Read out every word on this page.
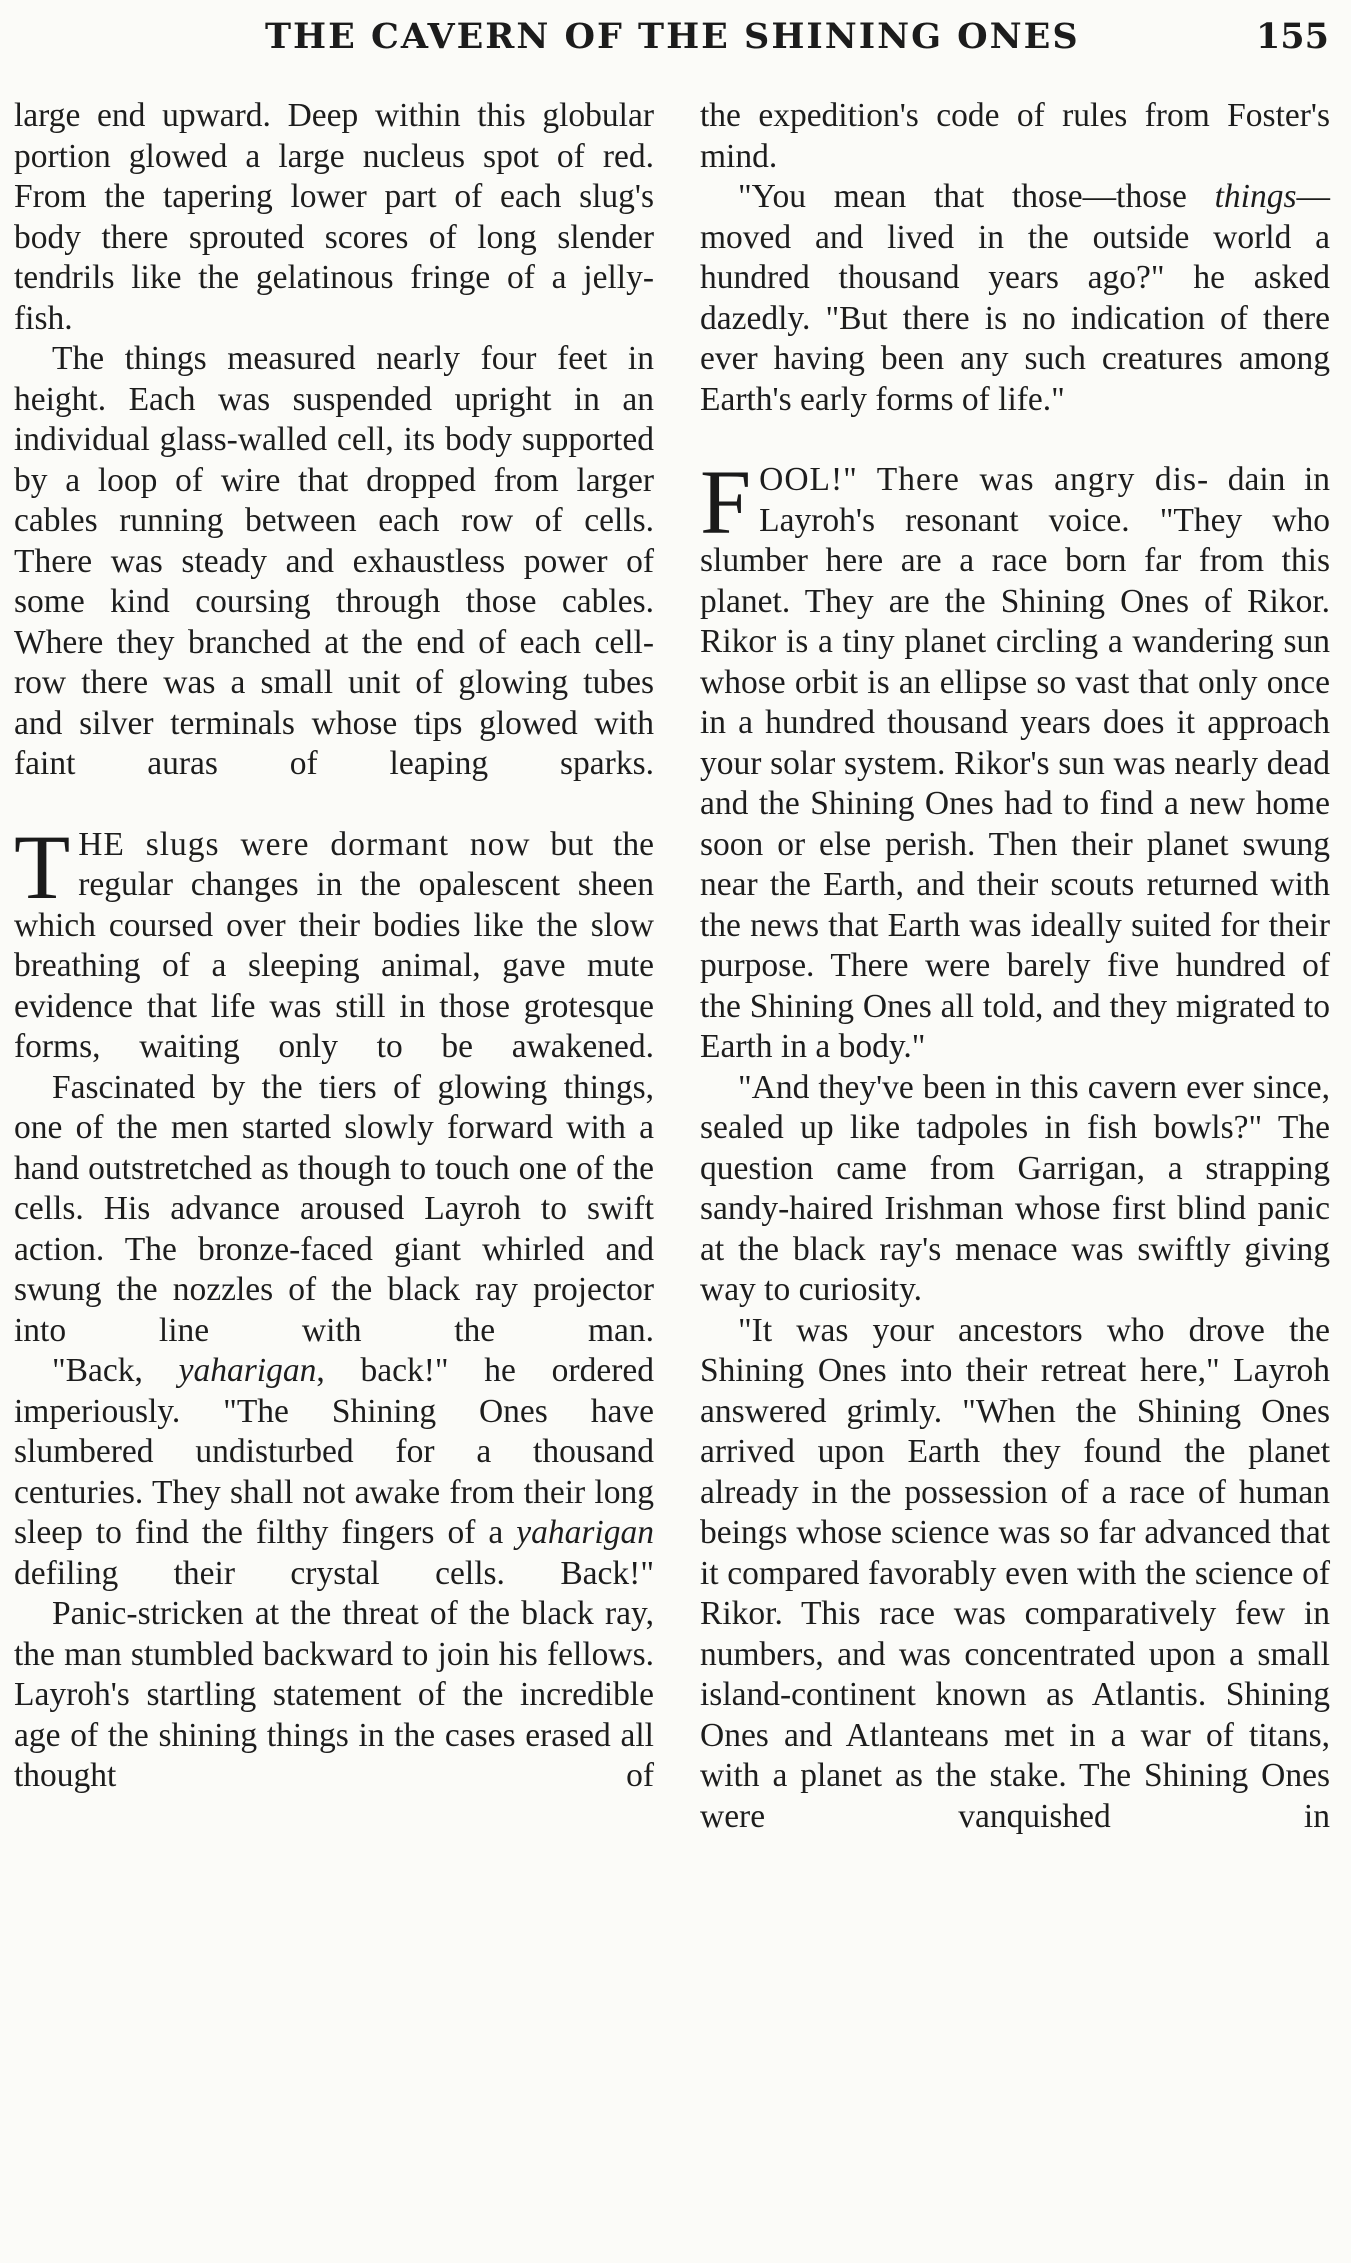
THE CAVERN OF THE SHINING ONES	155

large end upward. Deep within this globular portion glowed a large nucleus spot of red. From the tapering lower part of each slug's body there sprouted scores of long slender tendrils like the gelatinous fringe of a jelly-fish.

The things measured nearly four feet in height. Each was suspended upright in an individual glass-walled cell, its body supported by a loop of wire that dropped from larger cables running between each row of cells. There was steady and exhaustless power of some kind coursing through those cables. Where they branched at the end of each cell-row there was a small unit of glowing tubes and silver terminals whose tips glowed with faint auras of leaping sparks.

THE slugs were dormant now but the regular changes in the opalescent sheen which coursed over their bodies like the slow breathing of a sleeping animal, gave mute evidence that life was still in those grotesque forms, waiting only to be awakened.

Fascinated by the tiers of glowing things, one of the men started slowly forward with a hand outstretched as though to touch one of the cells. His advance aroused Layroh to swift action. The bronze-faced giant whirled and swung the nozzles of the black ray projector into line with the man.

"Back, yaharigan, back!" he ordered imperiously. "The Shining Ones have slumbered undisturbed for a thousand centuries. They shall not awake from their long sleep to find the filthy fingers of a yaharigan defiling their crystal cells. Back!"

Panic-stricken at the threat of the black ray, the man stumbled backward to join his fellows. Layroh's startling statement of the incredible age of the shining things in the cases erased all thought of

the expedition's code of rules from Foster's mind.

"You mean that those—those things—moved and lived in the outside world a hundred thousand years ago?" he asked dazedly. "But there is no indication of there ever having been any such creatures among Earth's early forms of life."

FOOL!" There was angry dis- dain in Layroh's resonant voice. "They who slumber here are a race born far from this planet. They are the Shining Ones of Rikor. Rikor is a tiny planet circling a wandering sun whose orbit is an ellipse so vast that only once in a hundred thousand years does it approach your solar system. Rikor's sun was nearly dead and the Shining Ones had to find a new home soon or else perish. Then their planet swung near the Earth, and their scouts returned with the news that Earth was ideally suited for their purpose. There were barely five hundred of the Shining Ones all told, and they migrated to Earth in a body."

"And they've been in this cavern ever since, sealed up like tadpoles in fish bowls?" The question came from Garrigan, a strapping sandy-haired Irishman whose first blind panic at the black ray's menace was swiftly giving way to curiosity.

"It was your ancestors who drove the Shining Ones into their retreat here," Layroh answered grimly. "When the Shining Ones arrived upon Earth they found the planet already in the possession of a race of human beings whose science was so far advanced that it compared favorably even with the science of Rikor. This race was comparatively few in numbers, and was concentrated upon a small island-continent known as Atlantis. Shining Ones and Atlanteans met in a war of titans, with a planet as the stake. The Shining Ones were vanquished in
